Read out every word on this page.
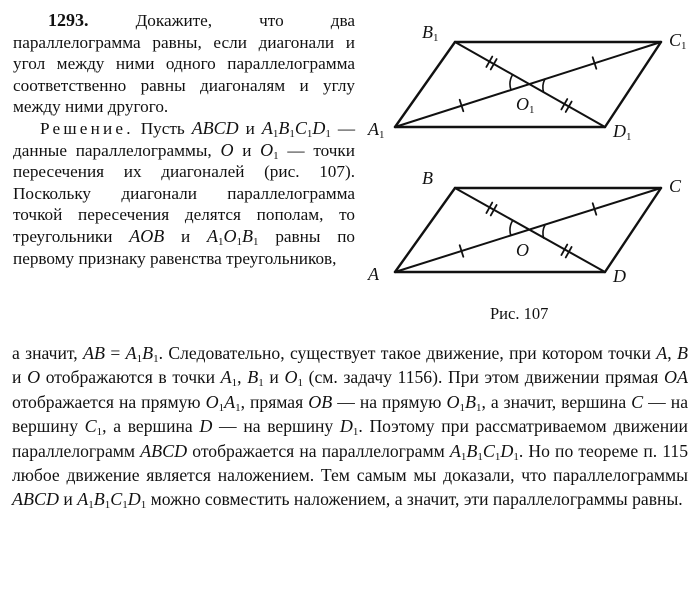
1293.	Докажите, что два параллелограмма равны, если диагонали и угол между ними одного параллелограмма соответственно равны диагоналям и углу между ними другого.

Решение. Пусть ABCD и $A_1B_1C_1D_1$ — данные параллелограммы, O и $O_1$ — точки пересечения их диагоналей (рис. 107). Поскольку диагонали параллелограмма точкой пересечения делятся пополам, то треугольники AOB и $A_1O_1B_1$ равны по первому признаку равенства треугольников,

$A_1$
$B_1$	$C_1$
$D_1$
$O_1$
A
B	C
D
O
Рис. 107

а значит, AB = $A_1B_1$. Следовательно, существует такое движение, при котором точки A, B и O отображаются в точки $A_1$, $B_1$ и $O_1$ (см. задачу 1156). При этом движении прямая OA отображается на прямую $O_1A_1$, прямая OB — на прямую $O_1B_1$, а значит, вершина C — на вершину $C_1$, а вершина D — на вершину $D_1$. Поэтому при рассматриваемом движении параллелограмм ABCD отображается на параллелограмм $A_1B_1C_1D_1$. Но по теореме п. 115 любое движение является наложением. Тем самым мы доказали, что параллелограммы ABCD и $A_1B_1C_1D_1$ можно совместить наложением, а значит, эти параллелограммы равны.
